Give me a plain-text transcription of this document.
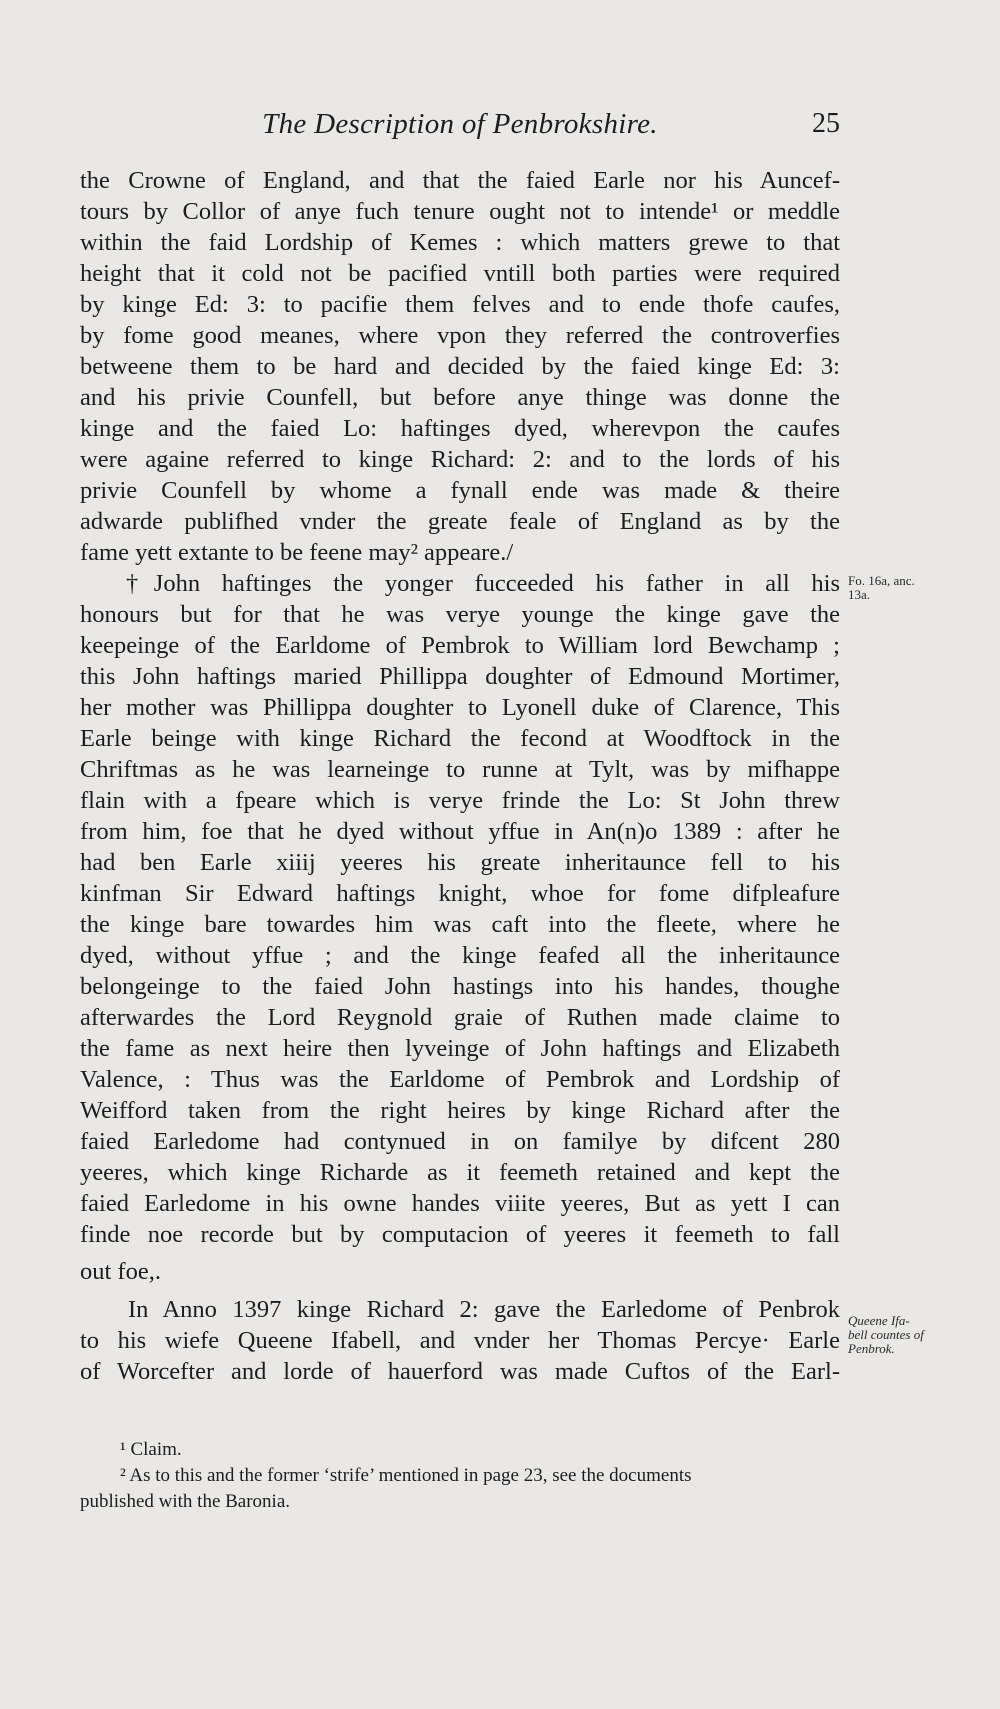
The Description of Penbrokshire.	25
the Crowne of England, and that the faied Earle nor his Auncef-
tours by Collor of anye fuch tenure ought not to intende¹ or meddle
within the faid Lordship of Kemes : which matters grewe to that
height that it cold not be pacified vntill both parties were required
by kinge Ed: 3: to pacifie them felves and to ende thofe caufes,
by fome good meanes, where vpon they referred the controverfies
betweene them to be hard and decided by the faied kinge Ed: 3:
and his privie Counfell, but before anye thinge was donne the
kinge and the faied Lo: haftinges dyed, wherevpon the caufes
were againe referred to kinge Richard: 2: and to the lords of his
privie Counfell by whome a fynall ende was made & theire
adwarde publifhed vnder the greate feale of England as by the
fame yett extante to be feene may² appeare./
†John haftinges the yonger fucceeded his father in all his
honours but for that he was verye younge the kinge gave the
keepeinge of the Earldome of Pembrok to William lord Bewchamp ;
this John haftings maried Phillippa doughter of Edmound Mortimer,
her mother was Phillippa doughter to Lyonell duke of Clarence, This
Earle beinge with kinge Richard the fecond at Woodftock in the
Chriftmas as he was learneinge to runne at Tylt, was by mifhappe
flain with a fpeare which is verye frinde the Lo: St John threw
from him, foe that he dyed without yffue in An(n)o 1389 : after he
had ben Earle xiiij yeeres his greate inheritaunce fell to his
kinfman Sir Edward haftings knight, whoe for fome difpleafure
the kinge bare towardes him was caft into the fleete, where he
dyed, without yffue ; and the kinge feafed all the inheritaunce
belongeinge to the faied John hastings into his handes, thoughe
afterwardes the Lord Reygnold graie of Ruthen made claime to
the fame as next heire then lyveinge of John haftings and Elizabeth
Valence, : Thus was the Earldome of Pembrok and Lordship of
Weifford taken from the right heires by kinge Richard after the
faied Earledome had contynued in on familye by difcent 280
yeeres, which kinge Richarde as it feemeth retained and kept the
faied Earledome in his owne handes viiite yeeres, But as yett I can
finde noe recorde but by computacion of yeeres it feemeth to fall
out foe,.
In Anno 1397 kinge Richard 2: gave the Earledome of Penbrok
to his wiefe Queene Ifabell, and vnder her Thomas Percye· Earle
of Worcefter and lorde of hauerford was made Cuftos of the Earl-
Fo. 16a, anc. 13a.
Queene Ifa- bell countes of Penbrok.
¹ Claim.
² As to this and the former ‘strife’ mentioned in page 23, see the documents
published with the Baronia.
